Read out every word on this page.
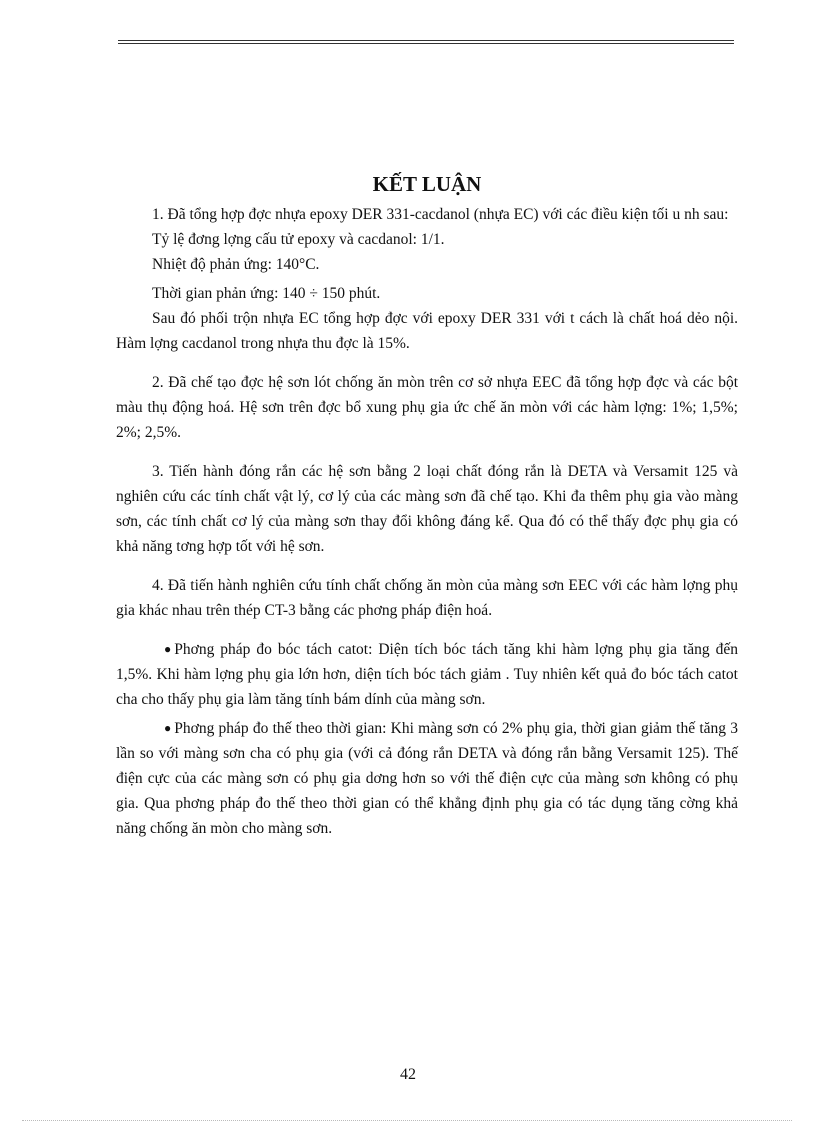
KẾT LUẬN

1. Đã tổng hợp đợc nhựa epoxy DER 331-cacdanol (nhựa EC) với các điều kiện tối u nh sau:

Tỷ lệ đơng lợng cấu tử epoxy và cacdanol: 1/1.

Nhiệt độ phản ứng: 140°C.

Thời gian phản ứng: 140 ÷ 150 phút.

Sau đó phối trộn nhựa EC tổng hợp đợc với epoxy DER 331 với t cách là chất hoá dẻo nội. Hàm lợng cacdanol trong nhựa thu đợc là 15%.

2. Đã chế tạo đợc hệ sơn lót chống ăn mòn trên cơ sở nhựa EEC đã tổng hợp đợc và các bột màu thụ động hoá. Hệ sơn trên đợc bổ xung phụ gia ức chế ăn mòn với các hàm lợng: 1%; 1,5%; 2%; 2,5%.

3. Tiến hành đóng rắn các hệ sơn bằng 2 loại chất đóng rắn là DETA và Versamit 125 và nghiên cứu các tính chất vật lý, cơ lý của các màng sơn đã chế tạo. Khi đa thêm phụ gia vào màng sơn, các tính chất cơ lý của màng sơn thay đổi không đáng kể. Qua đó có thể thấy đợc phụ gia có khả năng tơng hợp tốt với hệ sơn.

4. Đã tiến hành nghiên cứu tính chất chống ăn mòn của màng sơn EEC với các hàm lợng phụ gia khác nhau trên thép CT-3 bằng các phơng pháp điện hoá.

● Phơng pháp đo bóc tách catot: Diện tích bóc tách tăng khi hàm lợng phụ gia tăng đến 1,5%. Khi hàm lợng phụ gia lớn hơn, diện tích bóc tách giảm . Tuy nhiên kết quả đo bóc tách catot cha cho thấy phụ gia làm tăng tính bám dính của màng sơn.

● Phơng pháp đo thế theo thời gian: Khi màng sơn có 2% phụ gia, thời gian giảm thế tăng 3 lần so với màng sơn cha có phụ gia (với cả đóng rắn DETA và đóng rắn bằng Versamit 125). Thế điện cực của các màng sơn có phụ gia dơng hơn so với thế điện cực của màng sơn không có phụ gia. Qua phơng pháp đo thế theo thời gian có thể khẳng định phụ gia có tác dụng tăng cờng khả năng chống ăn mòn cho màng sơn.

42
